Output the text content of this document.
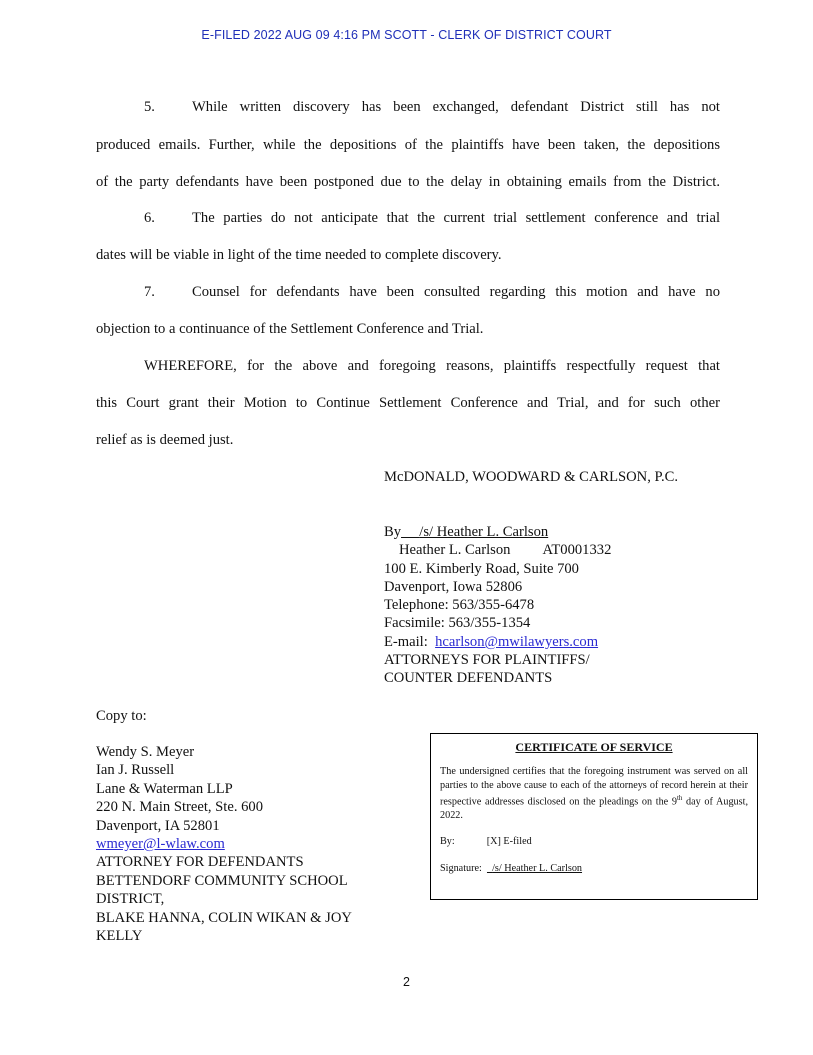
E-FILED 2022 AUG 09 4:16 PM SCOTT - CLERK OF DISTRICT COURT
5.	While written discovery has been exchanged, defendant District still has not
produced emails. Further, while the depositions of the plaintiffs have been taken, the depositions
of the party defendants have been postponed due to the delay in obtaining emails from the District.
6.	The parties do not anticipate that the current trial settlement conference and trial
dates will be viable in light of the time needed to complete discovery.
7.	Counsel for defendants have been consulted regarding this motion and have no
objection to a continuance of the Settlement Conference and Trial.
WHEREFORE, for the above and foregoing reasons, plaintiffs respectfully request that
this Court grant their Motion to Continue Settlement Conference and Trial, and for such other
relief as is deemed just.
McDONALD, WOODWARD & CARLSON, P.C.
By /s/ Heather L. Carlson
Heather L. Carlson AT0001332
100 E. Kimberly Road, Suite 700
Davenport, Iowa 52806
Telephone: 563/355-6478
Facsimile: 563/355-1354
E-mail: hcarlson@mwilawyers.com
ATTORNEYS FOR PLAINTIFFS/
COUNTER DEFENDANTS
Copy to:
Wendy S. Meyer
Ian J. Russell
Lane & Waterman LLP
220 N. Main Street, Ste. 600
Davenport, IA 52801
wmeyer@l-wlaw.com
ATTORNEY FOR DEFENDANTS
BETTENDORF COMMUNITY SCHOOL
DISTRICT,
BLAKE HANNA, COLIN WIKAN & JOY
KELLY
CERTIFICATE OF SERVICE
The undersigned certifies that the foregoing instrument was served on all parties to the above cause to each of the attorneys of record herein at their respective addresses disclosed on the pleadings on the 9th day of August, 2022.
By:	[X] E-filed
Signature: /s/ Heather L. Carlson
2
